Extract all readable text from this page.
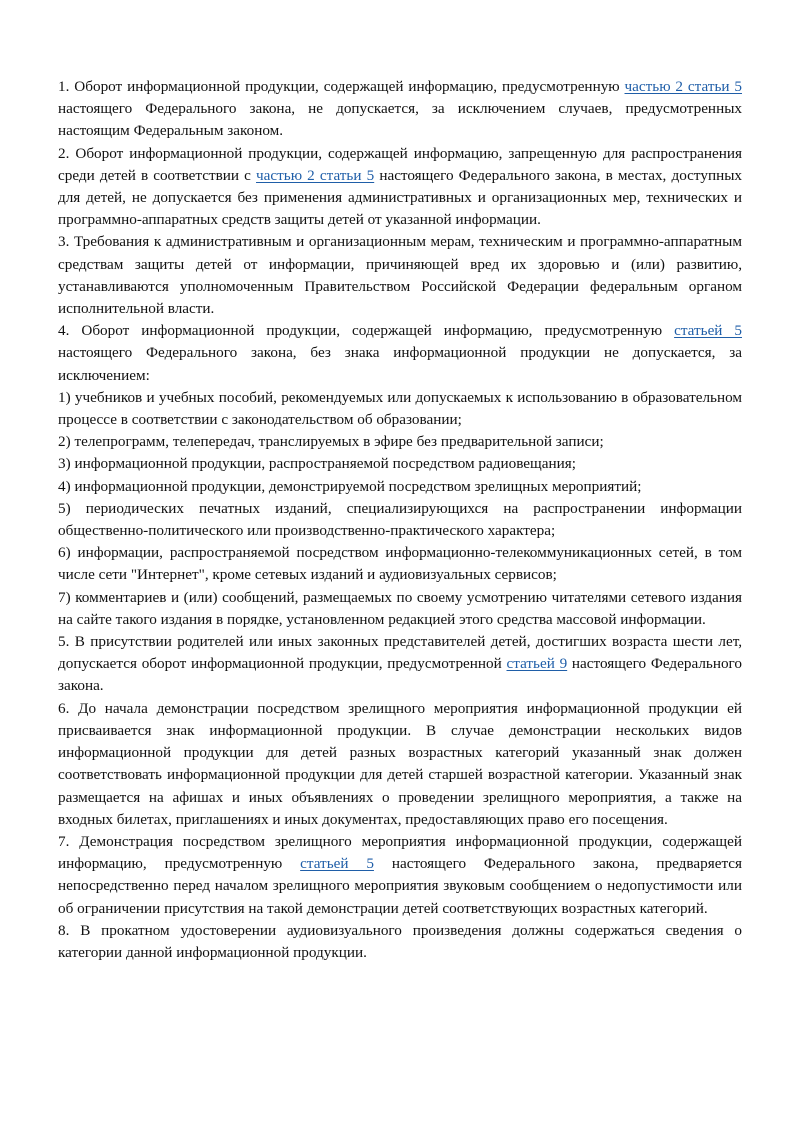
1. Оборот информационной продукции, содержащей информацию, предусмотренную частью 2 статьи 5 настоящего Федерального закона, не допускается, за исключением случаев, предусмотренных настоящим Федеральным законом.

2. Оборот информационной продукции, содержащей информацию, запрещенную для распространения среди детей в соответствии с частью 2 статьи 5 настоящего Федерального закона, в местах, доступных для детей, не допускается без применения административных и организационных мер, технических и программно-аппаратных средств защиты детей от указанной информации.

3. Требования к административным и организационным мерам, техническим и программно-аппаратным средствам защиты детей от информации, причиняющей вред их здоровью и (или) развитию, устанавливаются уполномоченным Правительством Российской Федерации федеральным органом исполнительной власти.

4. Оборот информационной продукции, содержащей информацию, предусмотренную статьей 5 настоящего Федерального закона, без знака информационной продукции не допускается, за исключением:

1) учебников и учебных пособий, рекомендуемых или допускаемых к использованию в образовательном процессе в соответствии с законодательством об образовании;

2) телепрограмм, телепередач, транслируемых в эфире без предварительной записи;

3) информационной продукции, распространяемой посредством радиовещания;

4) информационной продукции, демонстрируемой посредством зрелищных мероприятий;

5) периодических печатных изданий, специализирующихся на распространении информации общественно-политического или производственно-практического характера;

6) информации, распространяемой посредством информационно-телекоммуникационных сетей, в том числе сети "Интернет", кроме сетевых изданий и аудиовизуальных сервисов;

7) комментариев и (или) сообщений, размещаемых по своему усмотрению читателями сетевого издания на сайте такого издания в порядке, установленном редакцией этого средства массовой информации.

5. В присутствии родителей или иных законных представителей детей, достигших возраста шести лет, допускается оборот информационной продукции, предусмотренной статьей 9 настоящего Федерального закона.

6. До начала демонстрации посредством зрелищного мероприятия информационной продукции ей присваивается знак информационной продукции. В случае демонстрации нескольких видов информационной продукции для детей разных возрастных категорий указанный знак должен соответствовать информационной продукции для детей старшей возрастной категории. Указанный знак размещается на афишах и иных объявлениях о проведении зрелищного мероприятия, а также на входных билетах, приглашениях и иных документах, предоставляющих право его посещения.

7. Демонстрация посредством зрелищного мероприятия информационной продукции, содержащей информацию, предусмотренную статьей 5 настоящего Федерального закона, предваряется непосредственно перед началом зрелищного мероприятия звуковым сообщением о недопустимости или об ограничении присутствия на такой демонстрации детей соответствующих возрастных категорий.

8. В прокатном удостоверении аудиовизуального произведения должны содержаться сведения о категории данной информационной продукции.
